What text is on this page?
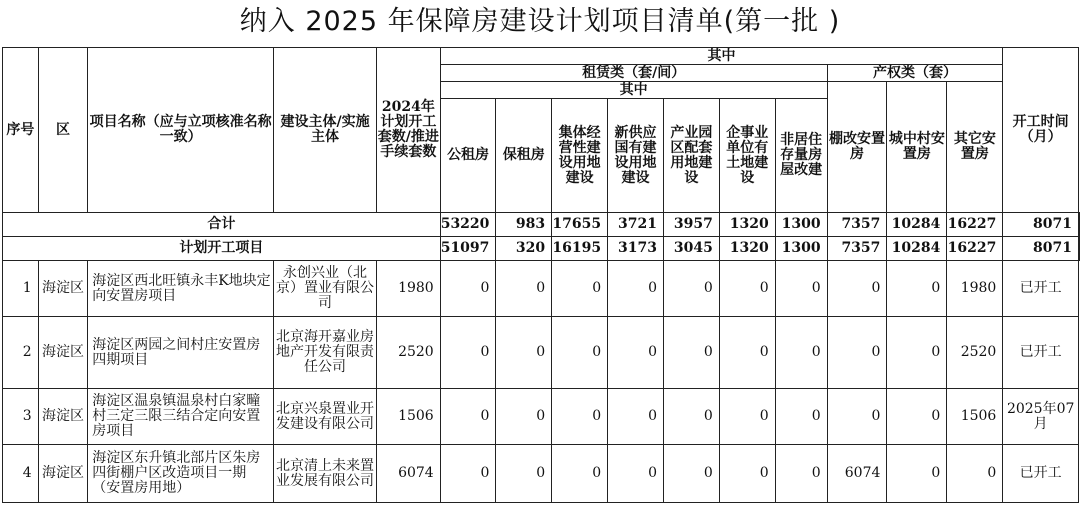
纳入 2025 年保障房建设计划项目清单(第一批 )
序号	区	项目名称（应与立项核准名称一致）	建设主体/实施主体	2024年计划开工套数/推进手续套数	其中										开工时间（月）	
					租赁类（套/间）							产权类（套）				
					其中							棚改安置房	城中村安置房	其它安置房		
					公租房	保租房	集体经营性建设用地建设	新供应国有建设用地建设	产业园区配套用地建设	企事业单位有土地建设	非居住存量房屋改建					
合计					53220	983	17655	3721	3957	1320	1300	7357	10284	16227	8071	
计划开工项目					51097	320	16195	3173	3045	1320	1300	7357	10284	16227	8071	
1	海淀区	海淀区西北旺镇永丰K地块定向安置房项目	永创兴业（北京）置业有限公司	1980	0	0	0	0	0	0	0	0	0	1980	已开工	
2	海淀区	海淀区两园之间村庄安置房四期项目	北京海开嘉业房地产开发有限责任公司	2520	0	0	0	0	0	0	0	0	0	2520	已开工	
3	海淀区	海淀区温泉镇温泉村白家疃村三定三限三结合定向安置房项目	北京兴泉置业开发建设有限公司	1506	0	0	0	0	0	0	0	0	0	1506	2025年07月	
4	海淀区	海淀区东升镇北部片区朱房四街棚户区改造项目一期（安置房用地）	北京清上未来置业发展有限公司	6074	0	0	0	0	0	0	0	6074	0	0	已开工	
